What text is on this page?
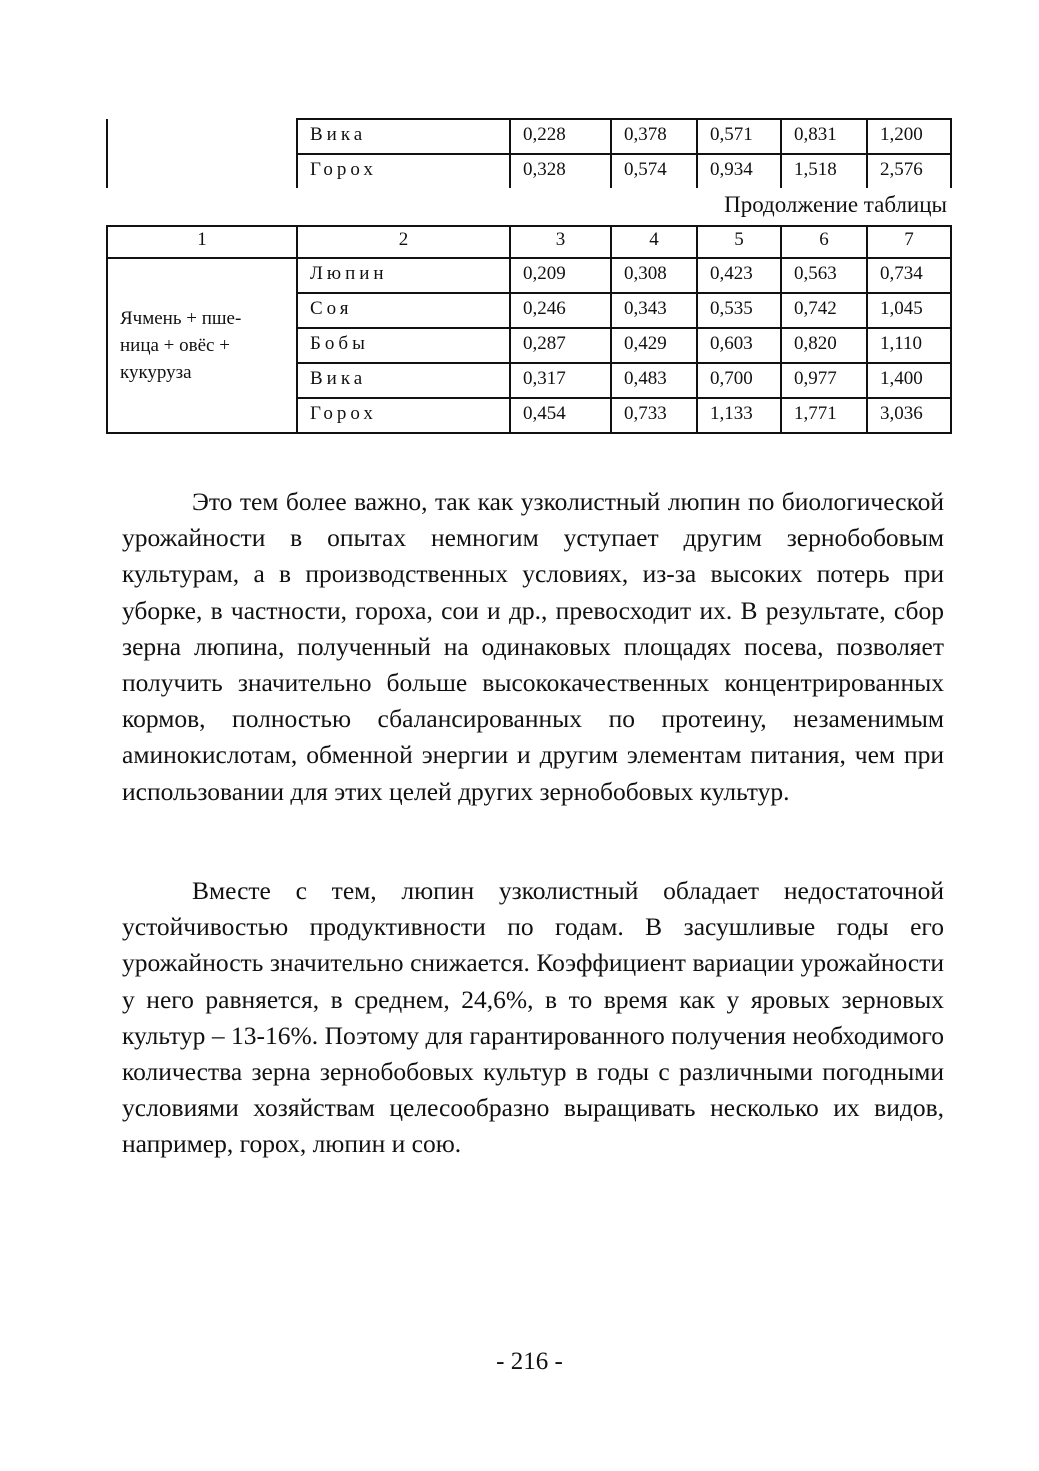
	Вика	0,228	0,378	0,571	0,831	1,200
	Горох	0,328	0,574	0,934	1,518	2,576
Продолжение таблицы
1	2	3	4	5	6	7

Ячмень + пше-
ница + овёс +
кукуруза	Люпин	0,209	0,308	0,423	0,563	0,734
	Соя	0,246	0,343	0,535	0,742	1,045
	Бобы	0,287	0,429	0,603	0,820	1,110
	Вика	0,317	0,483	0,700	0,977	1,400
	Горох	0,454	0,733	1,133	1,771	3,036

Это тем более важно, так как узколистный люпин по биологической урожайности в опытах немногим уступает другим зернобобовым культурам, а в производственных условиях, из-за высоких потерь при уборке, в частности, гороха, сои и др., превосходит их. В результате, сбор зерна люпина, полученный на одинаковых площадях посева, позволяет получить значительно больше высококачественных концентрированных кормов, полностью сбалансированных по протеину, незаменимым аминокислотам, обменной энергии и другим элементам питания, чем при использовании для этих целей других зернобобовых культур.

Вместе с тем, люпин узколистный обладает недостаточной устойчивостью продуктивности по годам. В засушливые годы его урожайность значительно снижается. Коэффициент вариации урожайности у него равняется, в среднем, 24,6%, в то время как у яровых зерновых культур – 13-16%. Поэтому для гарантированного получения необходимого количества зерна зернобобовых культур в годы с различными погодными условиями хозяйствам целесообразно выращивать несколько их видов, например, горох, люпин и сою.

- 216 -
